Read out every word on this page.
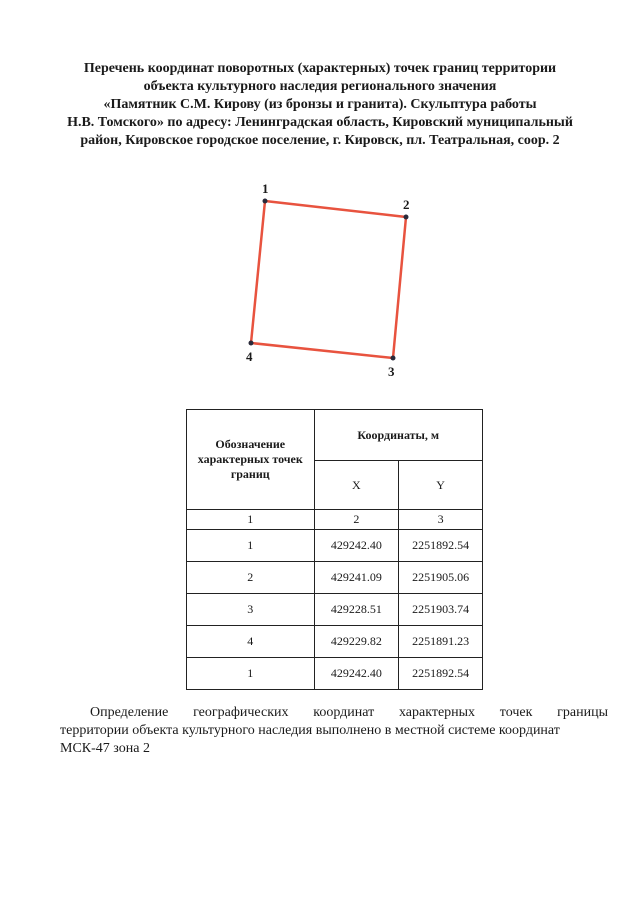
Перечень координат поворотных (характерных) точек границ территории
объекта культурного наследия регионального значения
«Памятник С.М. Кирову (из бронзы и гранита). Скульптура работы
Н.В. Томского» по адресу: Ленинградская область, Кировский муниципальный
район, Кировское городское поселение, г. Кировск, пл. Театральная, соор. 2
1
2
3
4
Обозначение характерных точек границ	Координаты, м	
	X	Y
1	2	3
1	429242.40	2251892.54
2	429241.09	2251905.06
3	429228.51	2251903.74
4	429229.82	2251891.23
1	429242.40	2251892.54
Определение географических координат характерных точек границы
территории объекта культурного наследия выполнено в местной системе координат
МСК-47 зона 2
